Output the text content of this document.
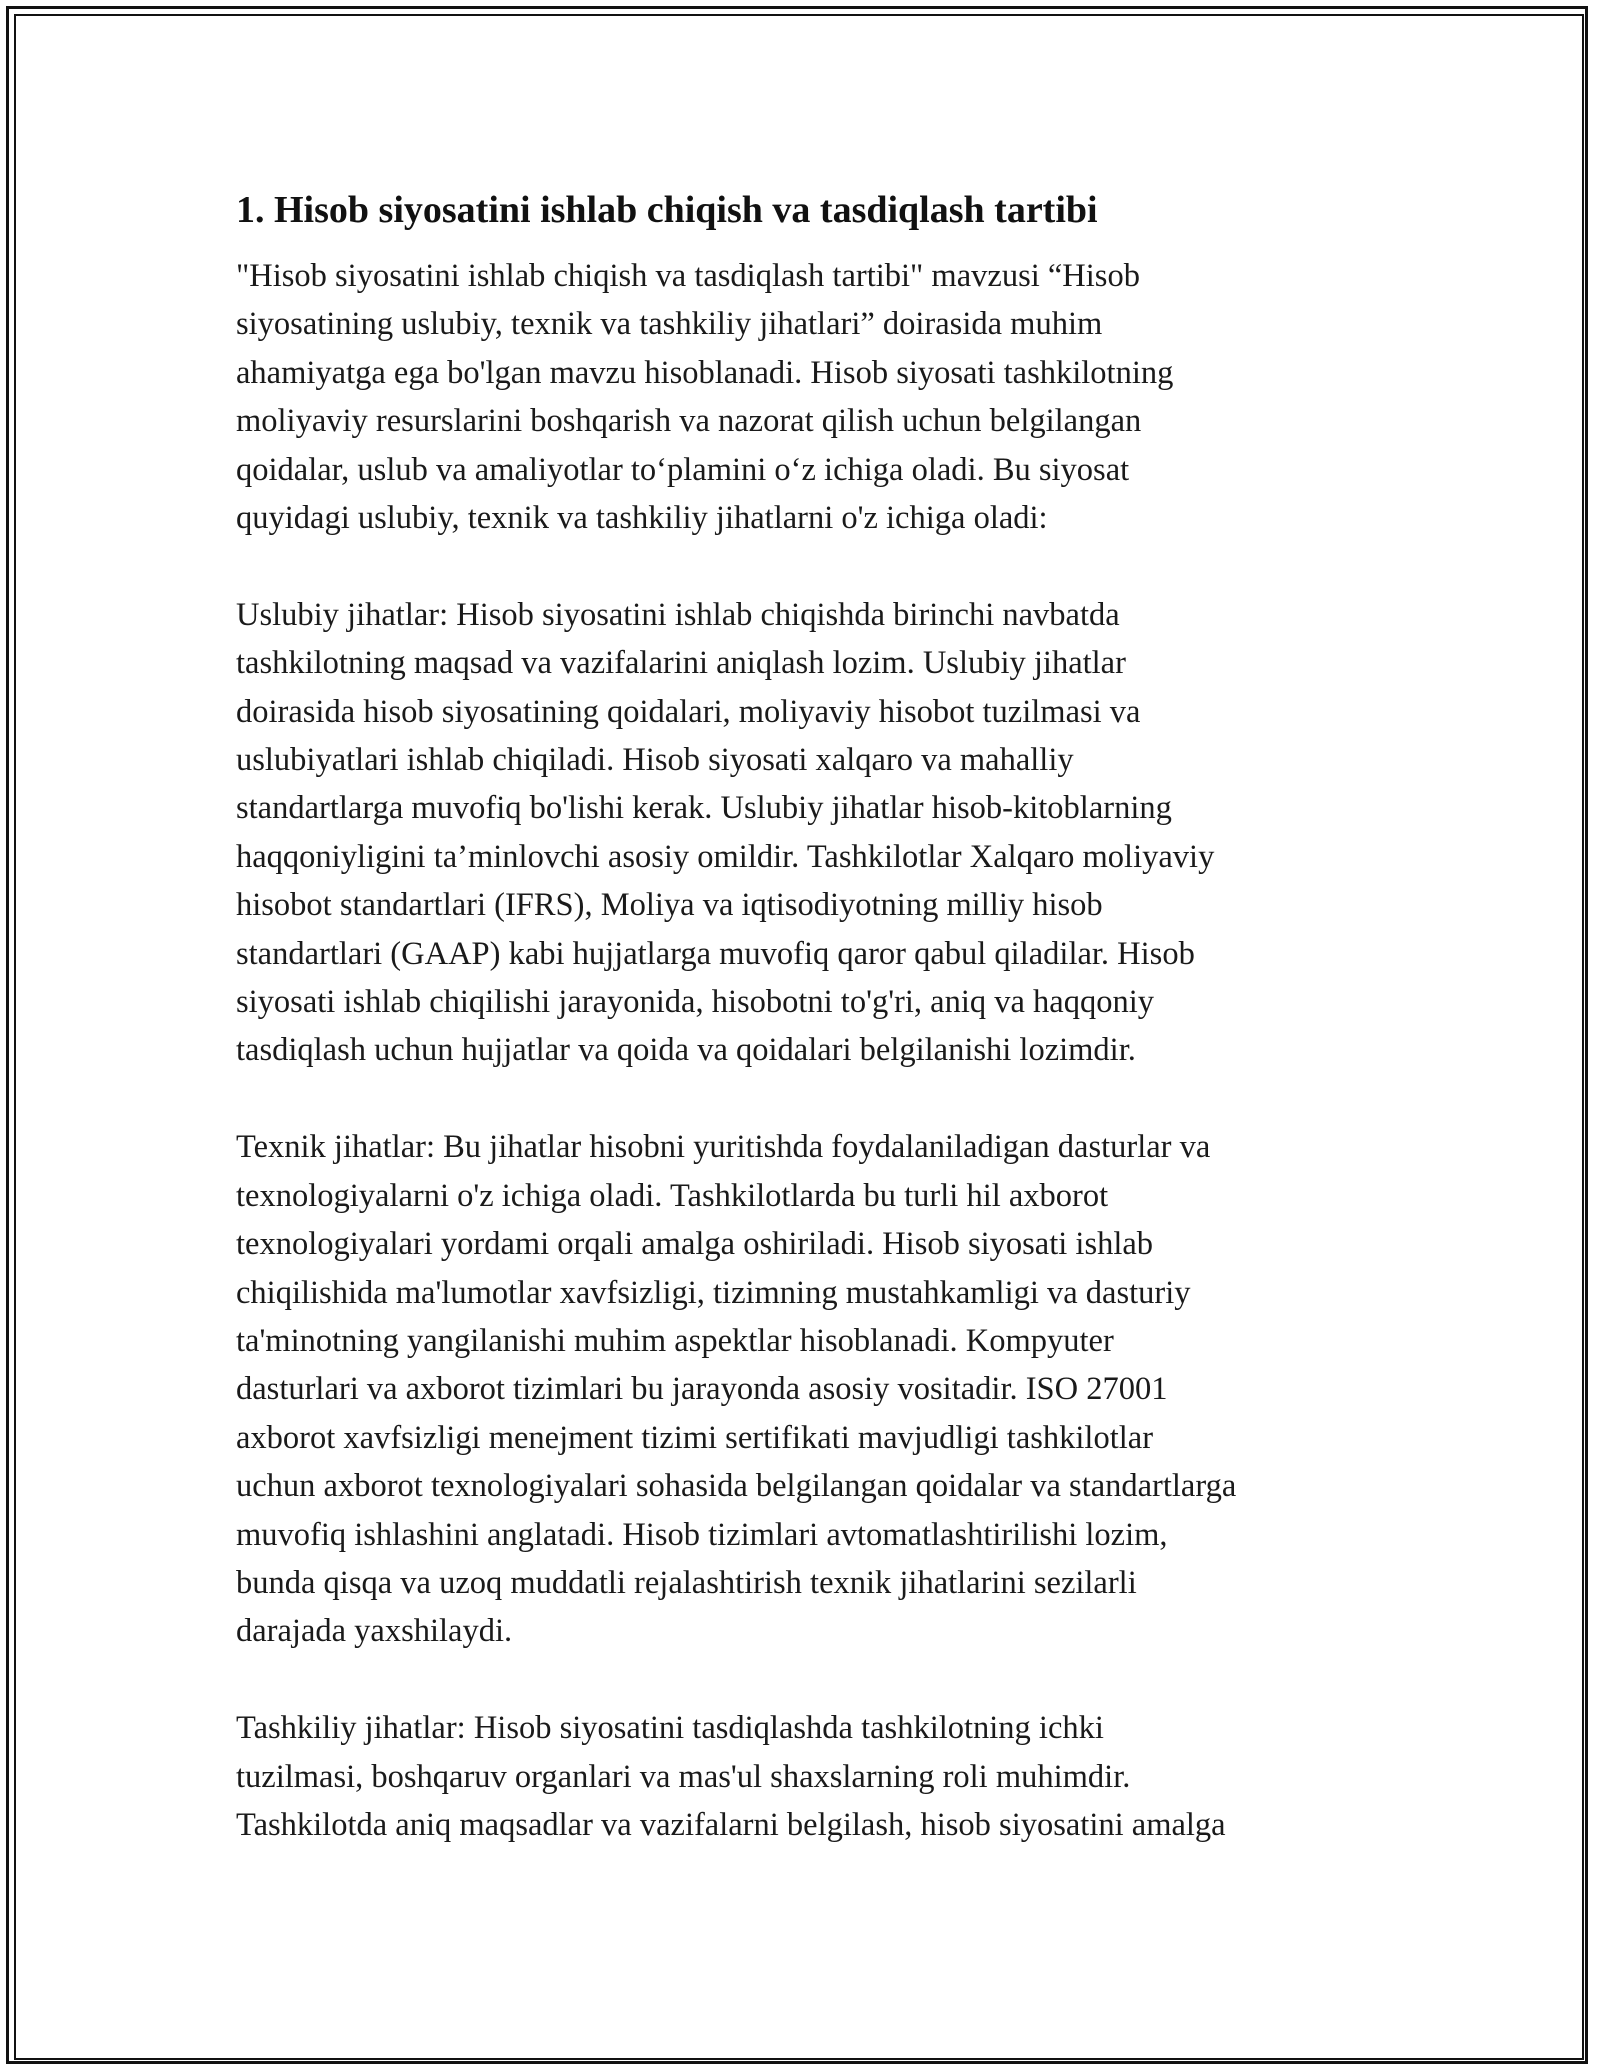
1. Hisob siyosatini ishlab chiqish va tasdiqlash tartibi

"Hisob siyosatini ishlab chiqish va tasdiqlash tartibi" mavzusi “Hisob
siyosatining uslubiy, texnik va tashkiliy jihatlari” doirasida muhim
ahamiyatga ega bo'lgan mavzu hisoblanadi. Hisob siyosati tashkilotning
moliyaviy resurslarini boshqarish va nazorat qilish uchun belgilangan
qoidalar, uslub va amaliyotlar to‘plamini o‘z ichiga oladi. Bu siyosat
quyidagi uslubiy, texnik va tashkiliy jihatlarni o'z ichiga oladi:

Uslubiy jihatlar: Hisob siyosatini ishlab chiqishda birinchi navbatda
tashkilotning maqsad va vazifalarini aniqlash lozim. Uslubiy jihatlar
doirasida hisob siyosatining qoidalari, moliyaviy hisobot tuzilmasi va
uslubiyatlari ishlab chiqiladi. Hisob siyosati xalqaro va mahalliy
standartlarga muvofiq bo'lishi kerak. Uslubiy jihatlar hisob-kitoblarning
haqqoniyligini ta’minlovchi asosiy omildir. Tashkilotlar Xalqaro moliyaviy
hisobot standartlari (IFRS), Moliya va iqtisodiyotning milliy hisob
standartlari (GAAP) kabi hujjatlarga muvofiq qaror qabul qiladilar. Hisob
siyosati ishlab chiqilishi jarayonida, hisobotni to'g'ri, aniq va haqqoniy
tasdiqlash uchun hujjatlar va qoida va qoidalari belgilanishi lozimdir.

Texnik jihatlar: Bu jihatlar hisobni yuritishda foydalaniladigan dasturlar va
texnologiyalarni o'z ichiga oladi. Tashkilotlarda bu turli hil axborot
texnologiyalari yordami orqali amalga oshiriladi. Hisob siyosati ishlab
chiqilishida ma'lumotlar xavfsizligi, tizimning mustahkamligi va dasturiy
ta'minotning yangilanishi muhim aspektlar hisoblanadi. Kompyuter
dasturlari va axborot tizimlari bu jarayonda asosiy vositadir. ISO 27001
axborot xavfsizligi menejment tizimi sertifikati mavjudligi tashkilotlar
uchun axborot texnologiyalari sohasida belgilangan qoidalar va standartlarga
muvofiq ishlashini anglatadi. Hisob tizimlari avtomatlashtirilishi lozim,
bunda qisqa va uzoq muddatli rejalashtirish texnik jihatlarini sezilarli
darajada yaxshilaydi.

Tashkiliy jihatlar: Hisob siyosatini tasdiqlashda tashkilotning ichki
tuzilmasi, boshqaruv organlari va mas'ul shaxslarning roli muhimdir.
Tashkilotda aniq maqsadlar va vazifalarni belgilash, hisob siyosatini amalga
